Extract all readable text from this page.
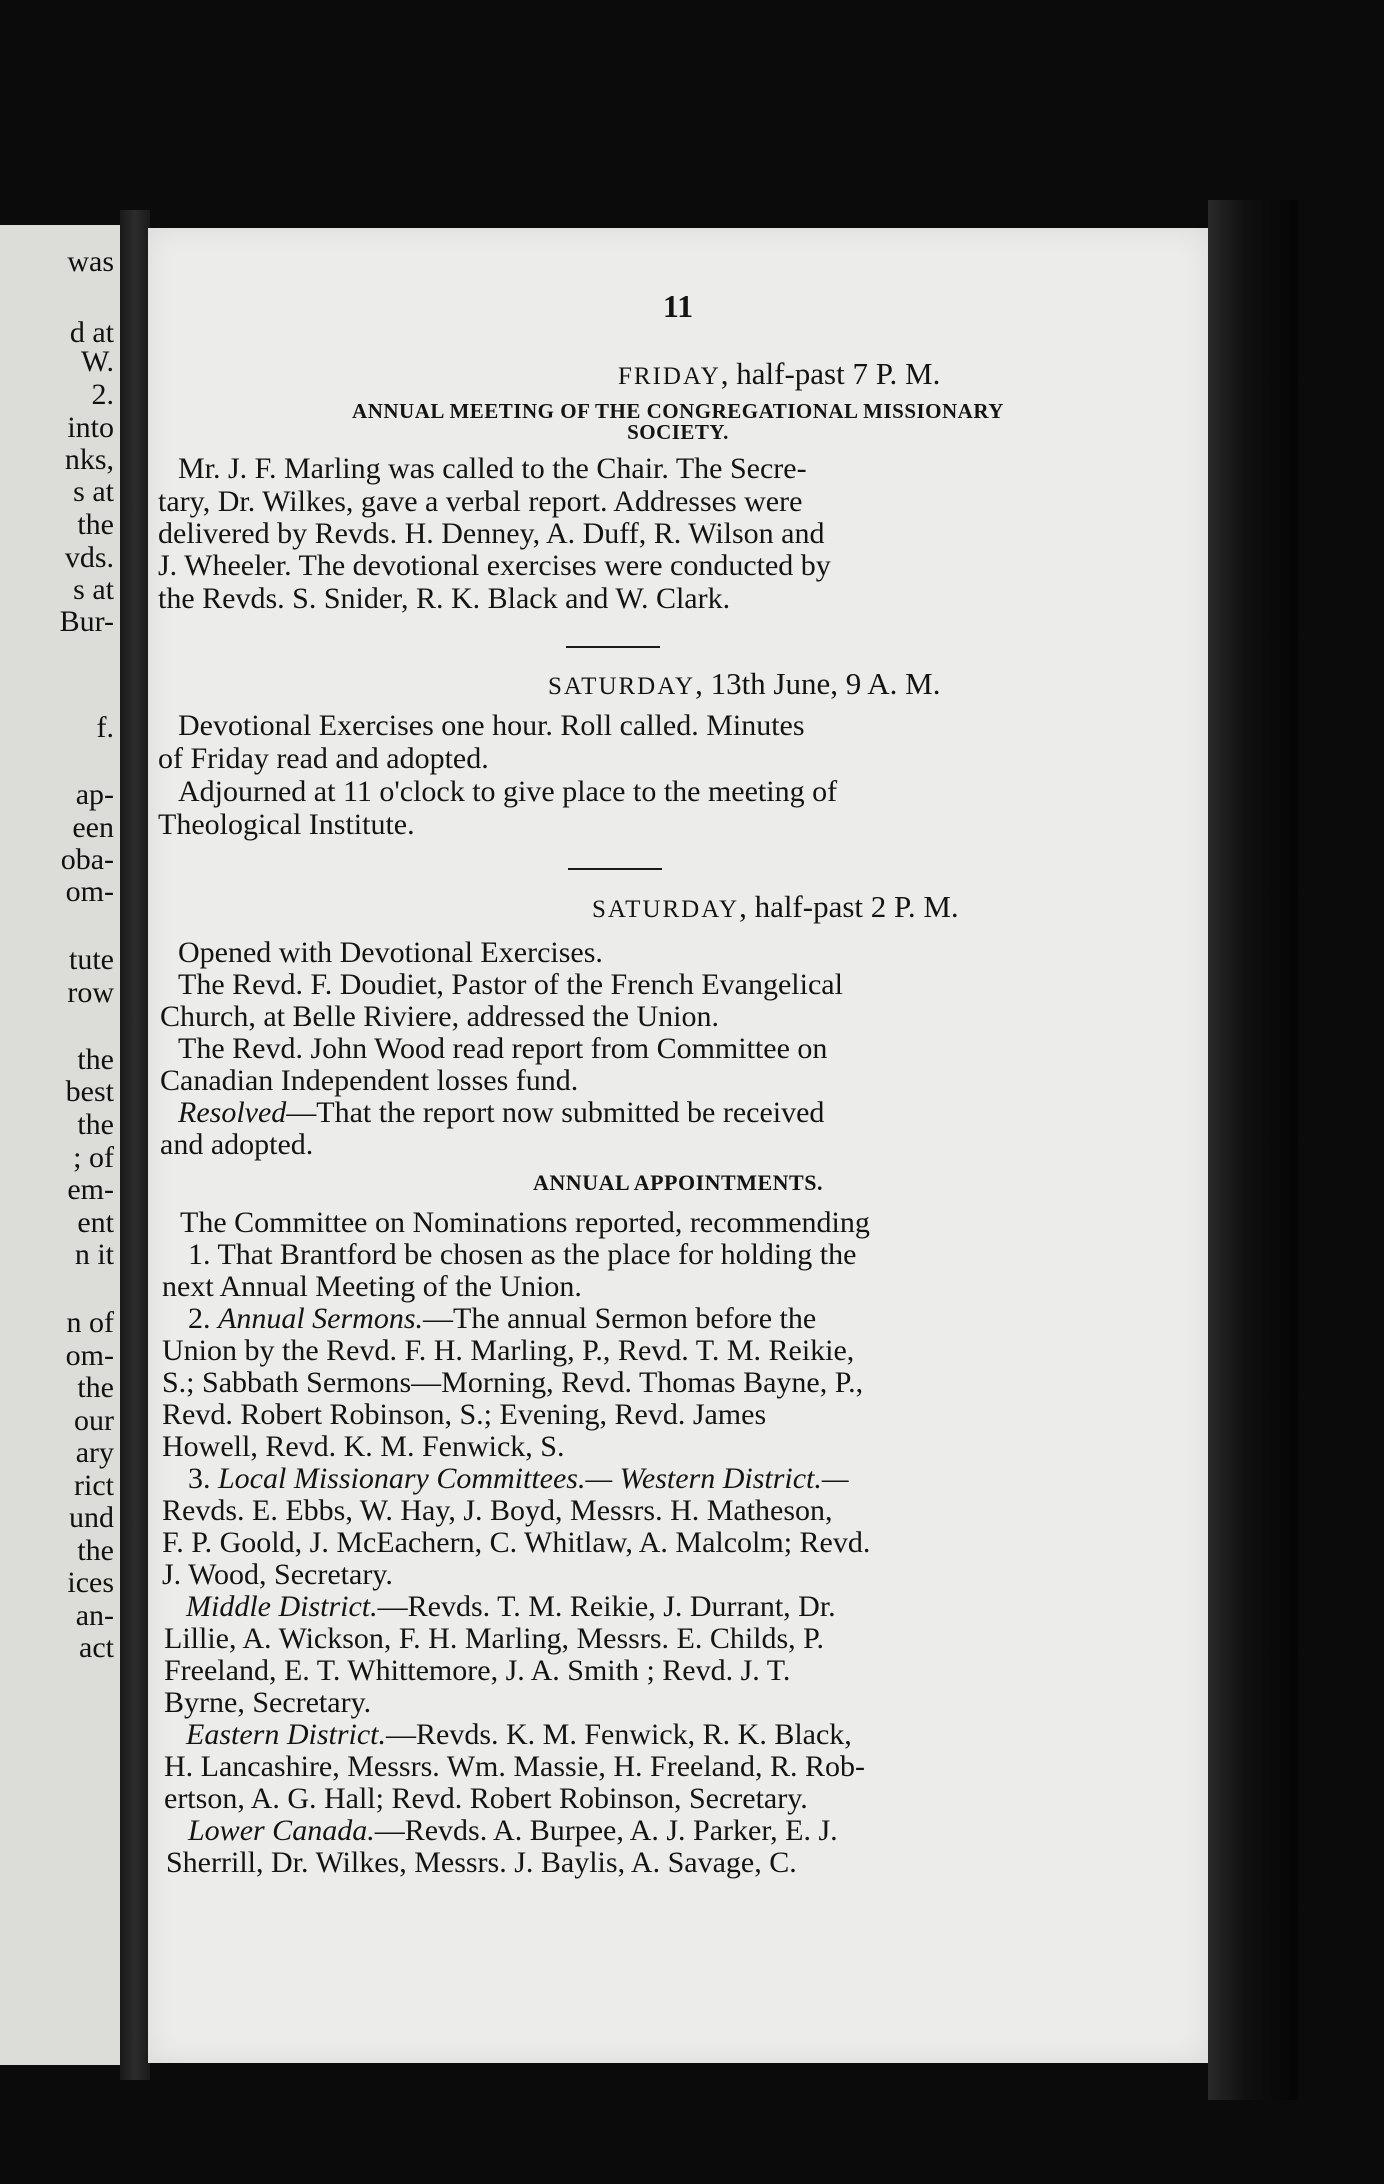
was
d at
W.
2.
into
nks,
s at
the
vds.
s at
Bur-
f.
ap-
een
oba-
om-
tute
row
the
best
the
; of
em-
ent
n it
n of
om-
the
our
ary
rict
und
the
ices
an-
act
11
FRIDAY, half-past 7 P. M.
ANNUAL MEETING OF THE CONGREGATIONAL MISSIONARY
SOCIETY.
Mr. J. F. Marling was called to the Chair. The Secre-
tary, Dr. Wilkes, gave a verbal report. Addresses were
delivered by Revds. H. Denney, A. Duff, R. Wilson and
J. Wheeler. The devotional exercises were conducted by
the Revds. S. Snider, R. K. Black and W. Clark.
SATURDAY, 13th June, 9 A. M.
Devotional Exercises one hour. Roll called. Minutes
of Friday read and adopted.
Adjourned at 11 o'clock to give place to the meeting of
Theological Institute.
SATURDAY, half-past 2 P. M.
Opened with Devotional Exercises.
The Revd. F. Doudiet, Pastor of the French Evangelical
Church, at Belle Riviere, addressed the Union.
The Revd. John Wood read report from Committee on
Canadian Independent losses fund.
Resolved—That the report now submitted be received
and adopted.
ANNUAL APPOINTMENTS.
The Committee on Nominations reported, recommending
1. That Brantford be chosen as the place for holding the
next Annual Meeting of the Union.
2. Annual Sermons.—The annual Sermon before the
Union by the Revd. F. H. Marling, P., Revd. T. M. Reikie,
S.; Sabbath Sermons—Morning, Revd. Thomas Bayne, P.,
Revd. Robert Robinson, S.; Evening, Revd. James
Howell, Revd. K. M. Fenwick, S.
3. Local Missionary Committees.— Western District.—
Revds. E. Ebbs, W. Hay, J. Boyd, Messrs. H. Matheson,
F. P. Goold, J. McEachern, C. Whitlaw, A. Malcolm; Revd.
J. Wood, Secretary.
Middle District.—Revds. T. M. Reikie, J. Durrant, Dr.
Lillie, A. Wickson, F. H. Marling, Messrs. E. Childs, P.
Freeland, E. T. Whittemore, J. A. Smith ; Revd. J. T.
Byrne, Secretary.
Eastern District.—Revds. K. M. Fenwick, R. K. Black,
H. Lancashire, Messrs. Wm. Massie, H. Freeland, R. Rob-
ertson, A. G. Hall; Revd. Robert Robinson, Secretary.
Lower Canada.—Revds. A. Burpee, A. J. Parker, E. J.
Sherrill, Dr. Wilkes, Messrs. J. Baylis, A. Savage, C.
